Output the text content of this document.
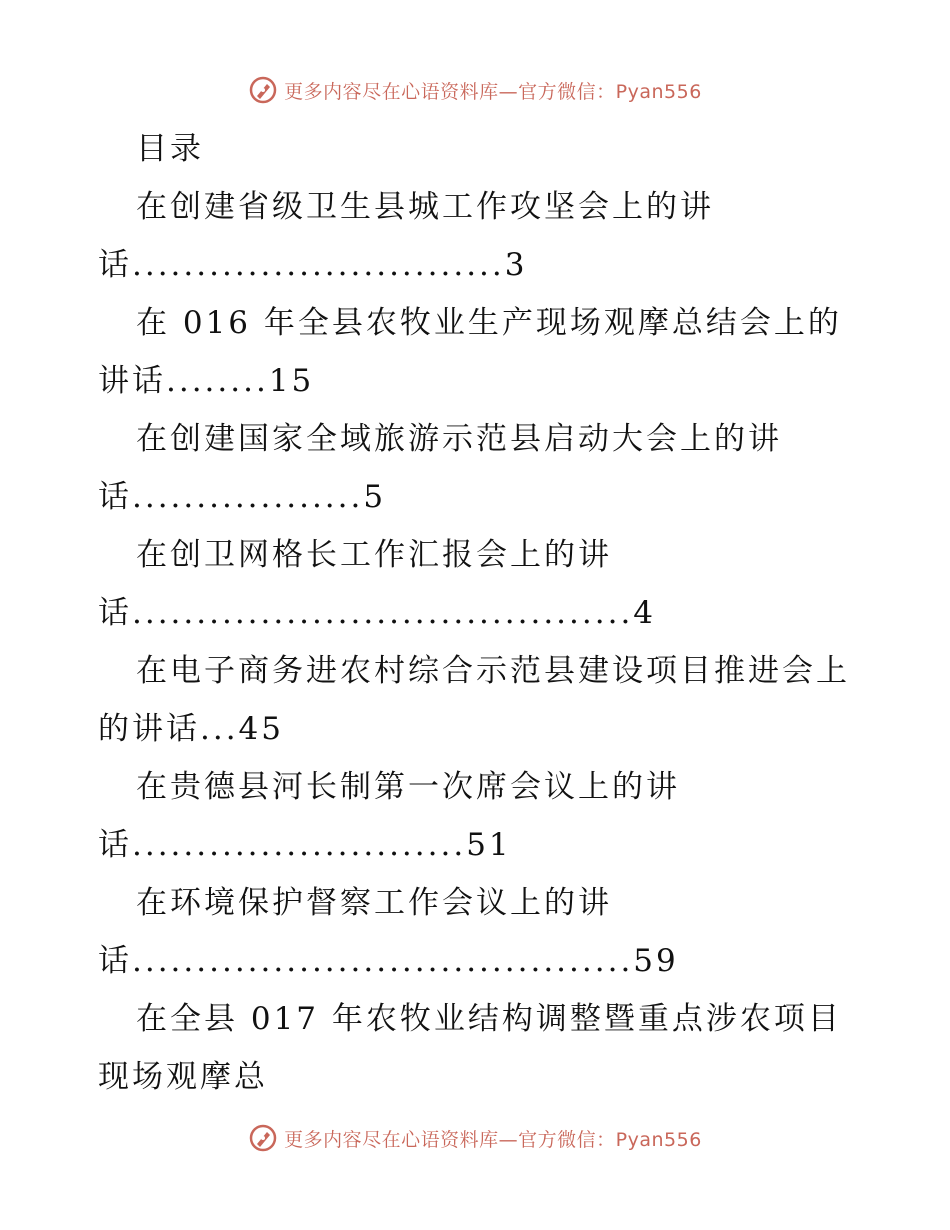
更多内容尽在心语资料库—官方微信：Pyan556
目录
在创建省级卫生县城工作攻坚会上的讲
话.............................3
在 016 年全县农牧业生产现场观摩总结会上的
讲话........15
在创建国家全域旅游示范县启动大会上的讲
话..................5
在创卫网格长工作汇报会上的讲
话.......................................4
在电子商务进农村综合示范县建设项目推进会上
的讲话...45
在贵德县河长制第一次席会议上的讲
话..........................51
在环境保护督察工作会议上的讲
话.......................................59
在全县 017 年农牧业结构调整暨重点涉农项目
现场观摩总
更多内容尽在心语资料库—官方微信：Pyan556
